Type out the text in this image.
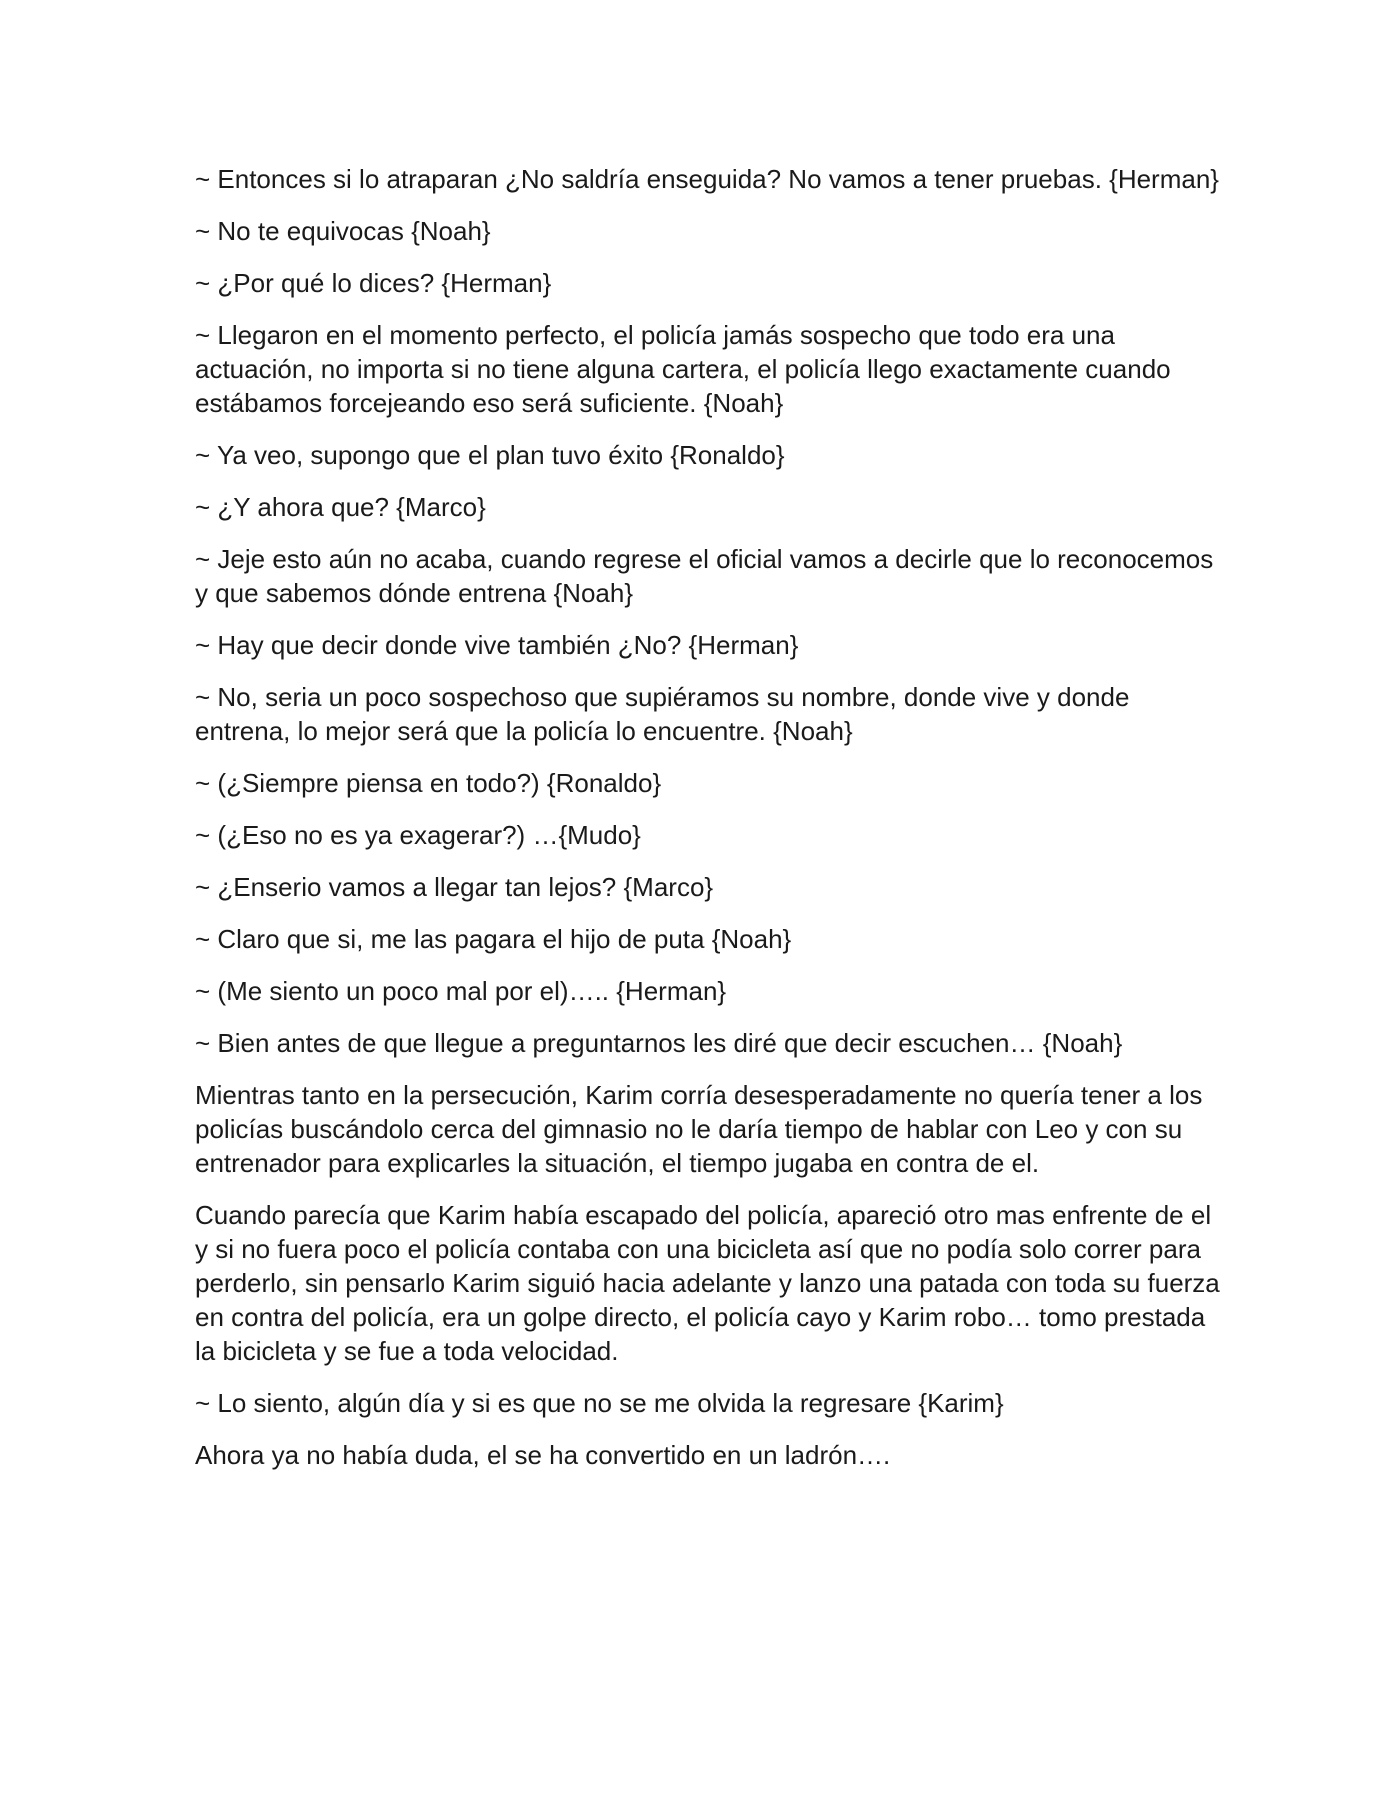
~ Entonces si lo atraparan ¿No saldría enseguida? No vamos a tener pruebas. {Herman}

~ No te equivocas {Noah}

~ ¿Por qué lo dices? {Herman}

~ Llegaron en el momento perfecto, el policía jamás sospecho que todo era una actuación, no importa si no tiene alguna cartera, el policía llego exactamente cuando estábamos forcejeando eso será suficiente. {Noah}

~ Ya veo, supongo que el plan tuvo éxito {Ronaldo}

~ ¿Y ahora que? {Marco}

~ Jeje esto aún no acaba, cuando regrese el oficial vamos a decirle que lo reconocemos y que sabemos dónde entrena {Noah}

~ Hay que decir donde vive también ¿No? {Herman}

~ No, seria un poco sospechoso que supiéramos su nombre, donde vive y donde entrena, lo mejor será que la policía lo encuentre. {Noah}

~ (¿Siempre piensa en todo?) {Ronaldo}

~ (¿Eso no es ya exagerar?) …{Mudo}

~ ¿Enserio vamos a llegar tan lejos? {Marco}

~ Claro que si, me las pagara el hijo de puta {Noah}

~ (Me siento un poco mal por el)….. {Herman}

~ Bien antes de que llegue a preguntarnos les diré que decir escuchen… {Noah}

Mientras tanto en la persecución, Karim corría desesperadamente no quería tener a los policías buscándolo cerca del gimnasio no le daría tiempo de hablar con Leo y con su entrenador para explicarles la situación, el tiempo jugaba en contra de el.

Cuando parecía que Karim había escapado del policía, apareció otro mas enfrente de el y si no fuera poco el policía contaba con una bicicleta así que no podía solo correr para perderlo, sin pensarlo Karim siguió hacia adelante y lanzo una patada con toda su fuerza en contra del policía, era un golpe directo, el policía cayo y Karim robo… tomo prestada la bicicleta y se fue a toda velocidad.

~ Lo siento, algún día y si es que no se me olvida la regresare {Karim}

Ahora ya no había duda, el se ha convertido en un ladrón….
